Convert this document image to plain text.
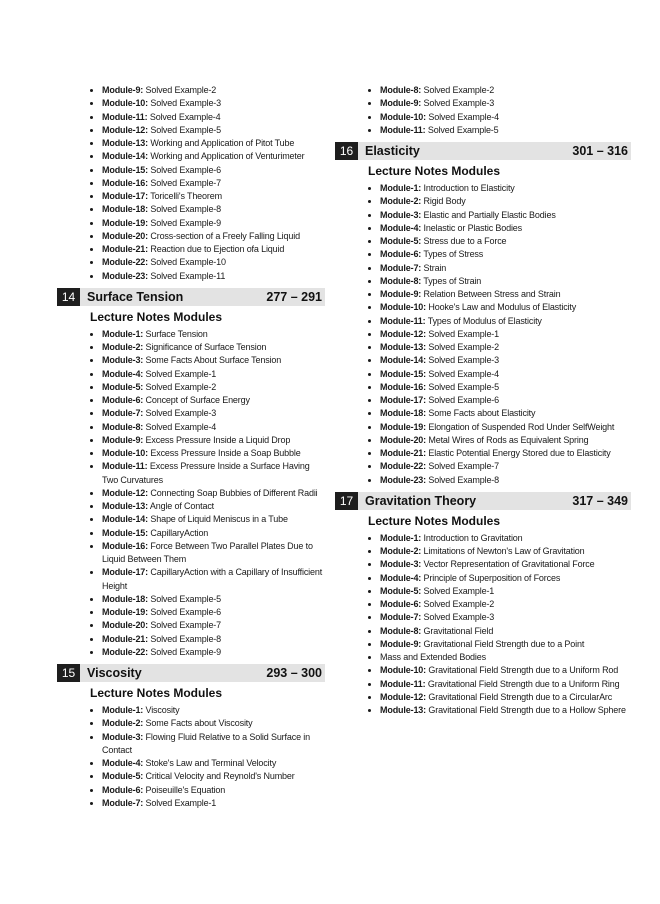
Module-9: Solved Example-2
Module-10: Solved Example-3
Module-11: Solved Example-4
Module-12: Solved Example-5
Module-13: Working and Application of Pitot Tube
Module-14: Working and Application of Venturimeter
Module-15: Solved Example-6
Module-16: Solved Example-7
Module-17: Toricelli's Theorem
Module-18: Solved Example-8
Module-19: Solved Example-9
Module-20: Cross-section of a Freely Falling Liquid
Module-21: Reaction due to Ejection ofa Liquid
Module-22: Solved Example-10
Module-23: Solved Example-11
14 Surface Tension	277 – 291
Lecture Notes Modules
Module-1: Surface Tension
Module-2: Significance of Surface Tension
Module-3: Some Facts About Surface Tension
Module-4: Solved Example-1
Module-5: Solved Example-2
Module-6: Concept of Surface Energy
Module-7: Solved Example-3
Module-8: Solved Example-4
Module-9: Excess Pressure Inside a Liquid Drop
Module-10: Excess Pressure Inside a Soap Bubble
Module-11: Excess Pressure Inside a Surface Having Two Curvatures
Module-12: Connecting Soap Bubbies of Different Radii
Module-13: Angle of Contact
Module-14: Shape of Liquid Meniscus in a Tube
Module-15: CapillaryAction
Module-16: Force Between Two Parallel Plates Due to Liquid Between Them
Module-17: CapillaryAction with a Capillary of Insufficient Height
Module-18: Solved Example-5
Module-19: Solved Example-6
Module-20: Solved Example-7
Module-21: Solved Example-8
Module-22: Solved Example-9
15 Viscosity	293 – 300
Lecture Notes Modules
Module-1: Viscosity
Module-2: Some Facts about Viscosity
Module-3: Flowing Fluid Relative to a Solid Surface in Contact
Module-4: Stoke's Law and Terminal Velocity
Module-5: Critical Velocity and Reynold's Number
Module-6: Poiseuille's Equation
Module-7: Solved Example-1
Module-8: Solved Example-2
Module-9: Solved Example-3
Module-10: Solved Example-4
Module-11: Solved Example-5
16 Elasticity	301 – 316
Lecture Notes Modules
Module-1: Introduction to Elasticity
Module-2: Rigid Body
Module-3: Elastic and Partially Elastic Bodies
Module-4: Inelastic or Plastic Bodies
Module-5: Stress due to a Force
Module-6: Types of Stress
Module-7: Strain
Module-8: Types of Strain
Module-9: Relation Between Stress and Strain
Module-10: Hooke's Law and Modulus of Elasticity
Module-11: Types of Modulus of Elasticity
Module-12: Solved Example-1
Module-13: Solved Example-2
Module-14: Solved Example-3
Module-15: Solved Example-4
Module-16: Solved Example-5
Module-17: Solved Example-6
Module-18: Some Facts about Elasticity
Module-19: Elongation of Suspended Rod Under SelfWeight
Module-20: Metal Wires of Rods as Equivalent Spring
Module-21: Elastic Potential Energy Stored due to Elasticity
Module-22: Solved Example-7
Module-23: Solved Example-8
17 Gravitation Theory	317 – 349
Lecture Notes Modules
Module-1: Introduction to Gravitation
Module-2: Limitations of Newton's Law of Gravitation
Module-3: Vector Representation of Gravitational Force
Module-4: Principle of Superposition of Forces
Module-5: Solved Example-1
Module-6: Solved Example-2
Module-7: Solved Example-3
Module-8: Gravitational Field
Module-9: Gravitational Field Strength due to a Point
Mass and Extended Bodies
Module-10: Gravitational Field Strength due to a Uniform Rod
Module-11: Gravitational Field Strength due to a Uniform Ring
Module-12: Gravitational Field Strength due to a CircularArc
Module-13: Gravitational Field Strength due to a Hollow Sphere
